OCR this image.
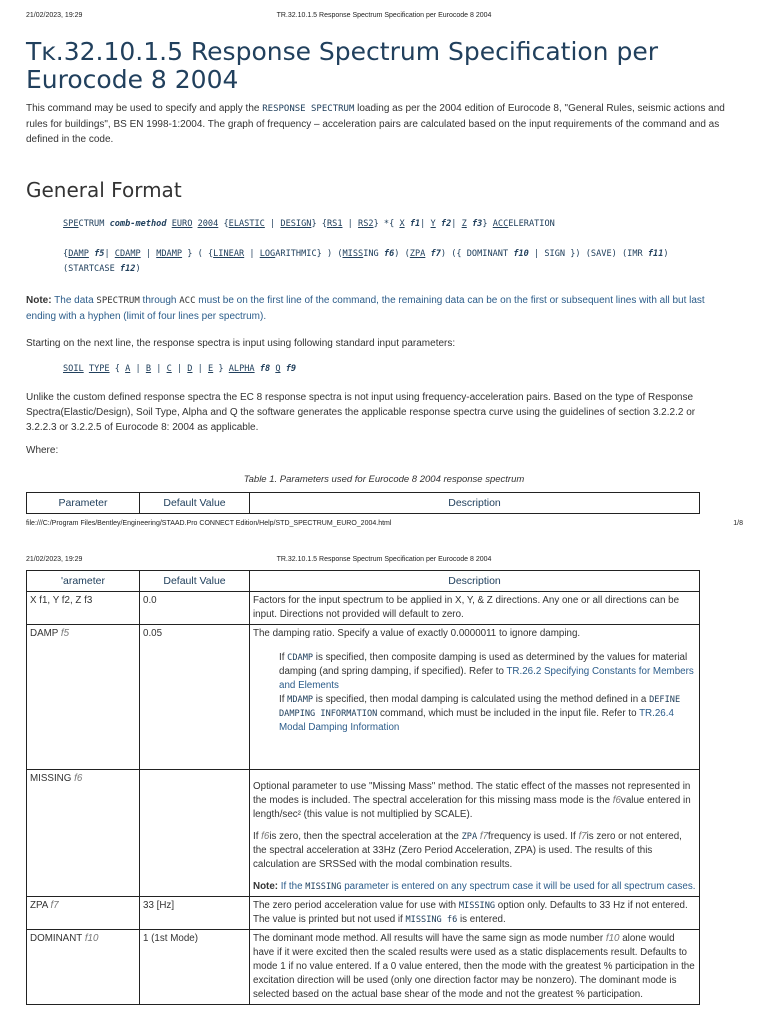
21/02/2023, 19:29	TR.32.10.1.5 Response Spectrum Specification per Eurocode 8 2004
Tĸ.32.10.1.5 Response Spectrum Specification per Eurocode 8 2004
This command may be used to specify and apply the RESPONSE SPECTRUM loading as per the 2004 edition of Eurocode 8, "General Rules, seismic actions and rules for buildings", BS EN 1998-1:2004. The graph of frequency – acceleration pairs are calculated based on the input requirements of the command and as defined in the code.
General Format
SPECTRUM comb-method EURO 2004 {ELASTIC | DESIGN} {RS1 | RS2} *{ X f1| Y f2| Z f3} ACCELERATION
{DAMP f5| CDAMP | MDAMP } ( {LINEAR | LOGARITHMIC} ) (MISSING f6) (ZPA f7) ({ DOMINANT f10 | SIGN }) (SAVE) (IMR f11)
(STARTCASE f12)
Note: The data SPECTRUM through ACC must be on the first line of the command, the remaining data can be on the first or subsequent lines with all but last ending with a hyphen (limit of four lines per spectrum).
Starting on the next line, the response spectra is input using following standard input parameters:
SOIL TYPE { A | B | C | D | E } ALPHA f8 Q f9
Unlike the custom defined response spectra the EC 8 response spectra is not input using frequency-acceleration pairs. Based on the type of Response Spectra(Elastic/Design), Soil Type, Alpha and Q the software generates the applicable response spectra curve using the guidelines of section 3.2.2.2 or 3.2.2.3 or 3.2.2.5 of Eurocode 8: 2004 as applicable.
Where:
Table 1. Parameters used for Eurocode 8 2004 response spectrum
Parameter	Default Value	Description
file:///C:/Program Files/Bentley/Engineering/STAAD.Pro CONNECT Edition/Help/STD_SPECTRUM_EURO_2004.html	1/8
21/02/2023, 19:29	TR.32.10.1.5 Response Spectrum Specification per Eurocode 8 2004
'arameter	Default Value	Description
X f1, Y f2, Z f3	0.0	Factors for the input spectrum to be applied in X, Y, & Z directions. Any one or all directions can be input. Directions not provided will default to zero.
DAMP f5	0.05	The damping ratio. Specify a value of exactly 0.0000011 to ignore damping.
If CDAMP is specified, then composite damping is used as determined by the values for material damping (and spring damping, if specified). Refer to TR.26.2 Specifying Constants for Members and Elements
If MDAMP is specified, then modal damping is calculated using the method defined in a DEFINE DAMPING INFORMATION command, which must be included in the input file. Refer to TR.26.4 Modal Damping Information

MISSING f6		Optional parameter to use "Missing Mass" method. The static effect of the masses not represented in the modes is included. The spectral acceleration for this missing mass mode is the f6value entered in length/sec² (this value is not multiplied by SCALE).
If f6is zero, then the spectral acceleration at the ZPA f7frequency is used. If f7is zero or not entered, the spectral acceleration at 33Hz (Zero Period Acceleration, ZPA) is used. The results of this calculation are SRSSed with the modal combination results.
Note: If the MISSING parameter is entered on any spectrum case it will be used for all spectrum cases.

ZPA f7	33 [Hz]	The zero period acceleration value for use with MISSING option only. Defaults to 33 Hz if not entered. The value is printed but not used if MISSING f6 is entered.
DOMINANT f10	1 (1st Mode)	The dominant mode method. All results will have the same sign as mode number f10 alone would have if it were excited then the scaled results were used as a static displacements result. Defaults to mode 1 if no value entered. If a 0 value entered, then the mode with the greatest % participation in the excitation direction will be used (only one direction factor may be nonzero). The dominant mode is selected based on the actual base shear of the mode and not the greatest % participation.
